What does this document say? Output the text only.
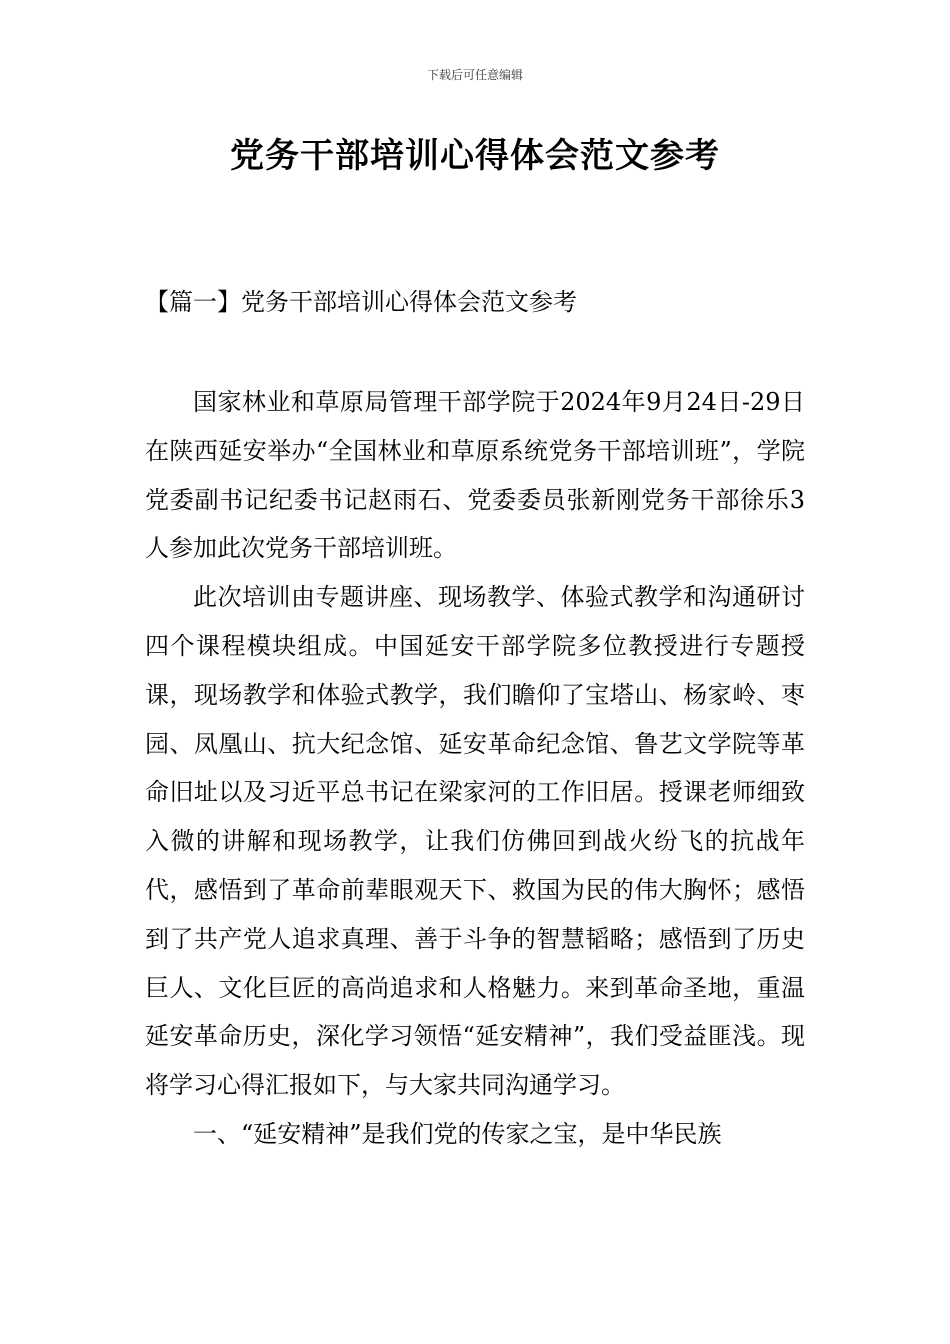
下载后可任意编辑
党务干部培训心得体会范文参考
【篇一】党务干部培训心得体会范文参考

国家林业和草原局管理干部学院于2024年9月24日-29日在陕西延安举办“全国林业和草原系统党务干部培训班”，学院党委副书记纪委书记赵雨石、党委委员张新刚党务干部徐乐3人参加此次党务干部培训班。

此次培训由专题讲座、现场教学、体验式教学和沟通研讨四个课程模块组成。中国延安干部学院多位教授进行专题授课，现场教学和体验式教学，我们瞻仰了宝塔山、杨家岭、枣园、凤凰山、抗大纪念馆、延安革命纪念馆、鲁艺文学院等革命旧址以及习近平总书记在梁家河的工作旧居。授课老师细致入微的讲解和现场教学，让我们仿佛回到战火纷飞的抗战年代，感悟到了革命前辈眼观天下、救国为民的伟大胸怀；感悟到了共产党人追求真理、善于斗争的智慧韬略；感悟到了历史巨人、文化巨匠的高尚追求和人格魅力。来到革命圣地，重温延安革命历史，深化学习领悟“延安精神”，我们受益匪浅。现将学习心得汇报如下，与大家共同沟通学习。

一、“延安精神”是我们党的传家之宝，是中华民族
